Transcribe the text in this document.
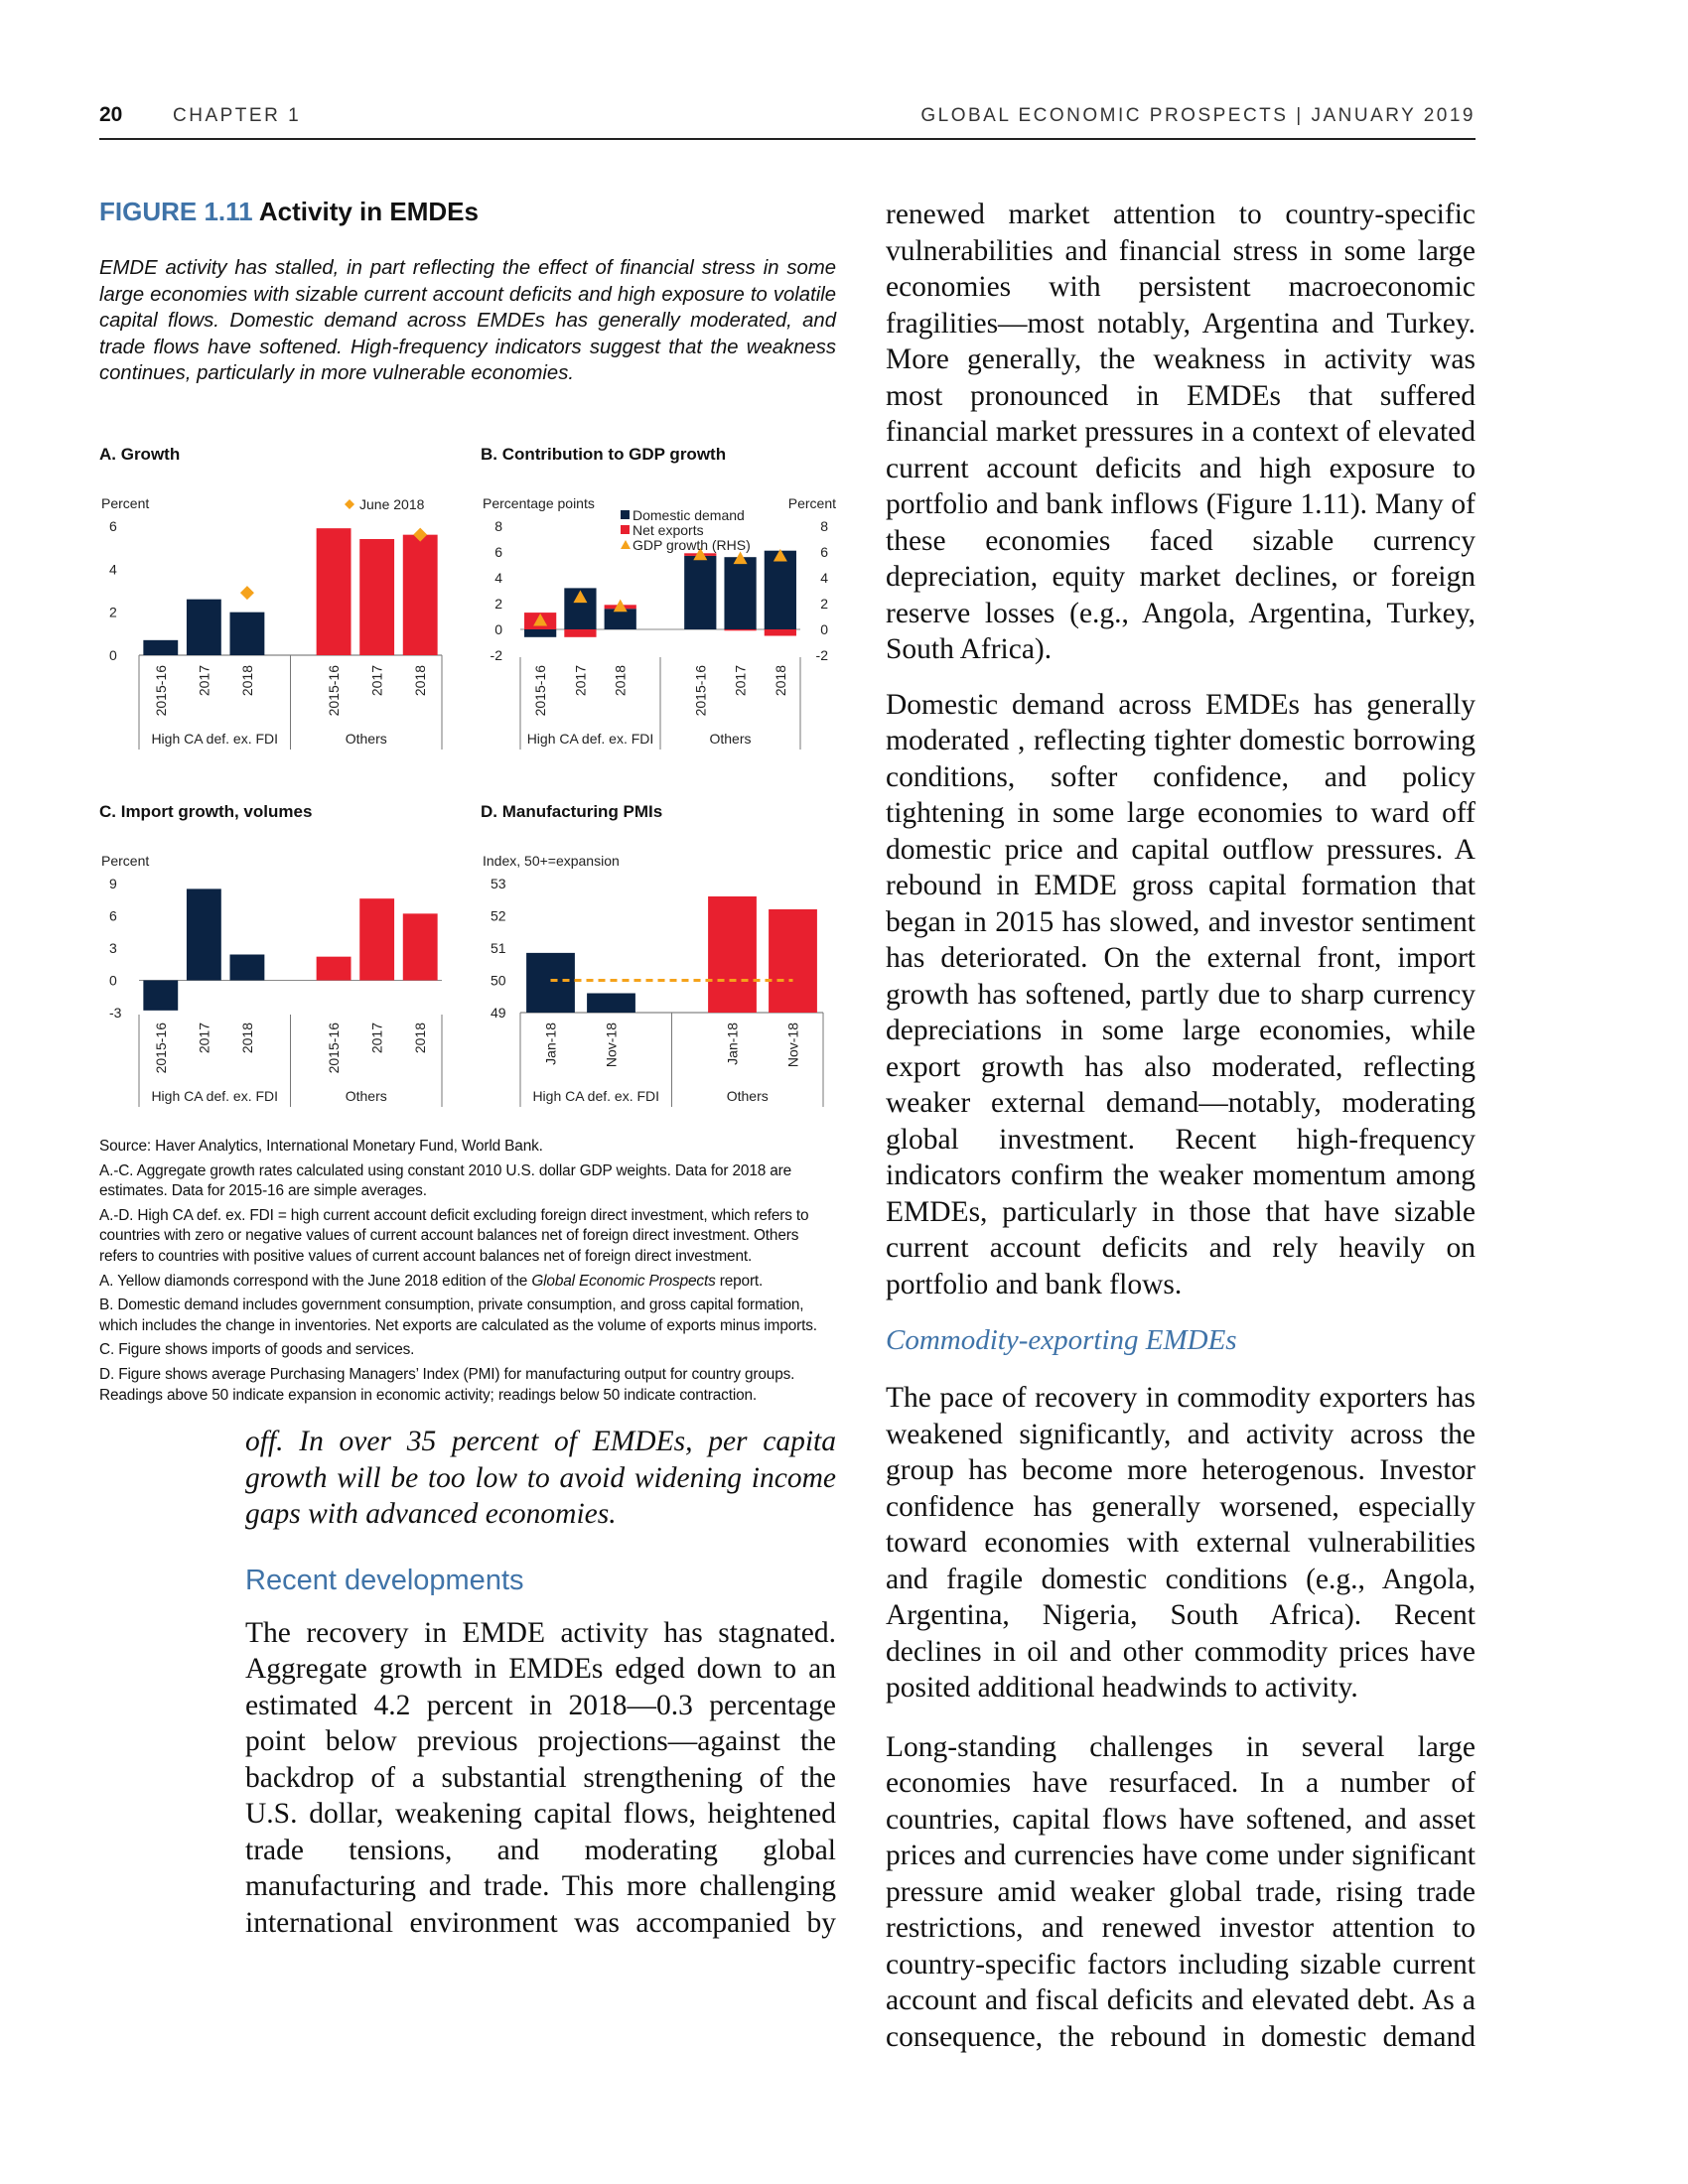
20	CHAPTER 1	GLOBAL ECONOMIC PROSPECTS | JANUARY 2019
FIGURE 1.11 Activity in EMDEs
EMDE activity has stalled, in part reflecting the effect of financial stress in some large economies with sizable current account deficits and high exposure to volatile capital flows. Domestic demand across EMDEs has generally moderated, and trade flows have softened. High-frequency indicators suggest that the weakness continues, particularly in more vulnerable economies.
A. Growth
Percent
0
2
4
6
High CA def. ex. FDI	Others
2015-16 2017 2018	2015-16 2017 2018
June 2018
B. Contribution to GDP growth
Percentage points	Percent
-2	-2
0	0
2	2
4	4
6	6
8	8
High CA def. ex. FDI	Others
2015-16 2017 2018	2015-16 2017 2018
Domestic demand
Net exports
GDP growth (RHS)
C. Import growth, volumes
Percent
-3
0
3
6
9
High CA def. ex. FDI	Others
2015-16 2017 2018	2015-16 2017 2018
D. Manufacturing PMIs
Index, 50+=expansion
49
50
51
52
53
High CA def. ex. FDI	Others
Jan-18	Nov-18	Jan-18	Nov-18

Source: Haver Analytics, International Monetary Fund, World Bank.

A.-C. Aggregate growth rates calculated using constant 2010 U.S. dollar GDP weights. Data for 2018 are estimates. Data for 2015-16 are simple averages.

A.-D. High CA def. ex. FDI = high current account deficit excluding foreign direct investment, which refers to countries with zero or negative values of current account balances net of foreign direct investment. Others refers to countries with positive values of current account balances net of foreign direct investment.

A. Yellow diamonds correspond with the June 2018 edition of the Global Economic Prospects report.

B. Domestic demand includes government consumption, private consumption, and gross capital formation, which includes the change in inventories. Net exports are calculated as the volume of exports minus imports.

C. Figure shows imports of goods and services.

D. Figure shows average Purchasing Managers’ Index (PMI) for manufacturing output for country groups. Readings above 50 indicate expansion in economic activity; readings below 50 indicate contraction.

off. In over 35 percent of EMDEs, per capita growth will be too low to avoid widening income gaps with advanced economies.
Recent developments
The recovery in EMDE activity has stagnated. Aggregate growth in EMDEs edged down to an estimated 4.2 percent in 2018—0.3 percentage point below previous projections—against the backdrop of a substantial strengthening of the U.S. dollar, weakening capital flows, heightened trade tensions, and moderating global manufacturing and trade. This more challenging international environment was accompanied by

renewed market attention to country-specific vulnerabilities and financial stress in some large economies with persistent macroeconomic fragilities—most notably, Argentina and Turkey. More generally, the weakness in activity was most pronounced in EMDEs that suffered financial market pressures in a context of elevated current account deficits and high exposure to portfolio and bank inflows (Figure 1.11). Many of these economies faced sizable currency depreciation, equity market declines, or foreign reserve losses (e.g., Angola, Argentina, Turkey, South Africa).

Domestic demand across EMDEs has generally moderated , reflecting tighter domestic borrowing conditions, softer confidence, and policy tightening in some large economies to ward off domestic price and capital outflow pressures. A rebound in EMDE gross capital formation that began in 2015 has slowed, and investor sentiment has deteriorated. On the external front, import growth has softened, partly due to sharp currency depreciations in some large economies, while export growth has also moderated, reflecting weaker external demand—notably, moderating global investment. Recent high-frequency indicators confirm the weaker momentum among EMDEs, particularly in those that have sizable current account deficits and rely heavily on portfolio and bank flows.

Commodity-exporting EMDEs

The pace of recovery in commodity exporters has weakened significantly, and activity across the group has become more heterogenous. Investor confidence has generally worsened, especially toward economies with external vulnerabilities and fragile domestic conditions (e.g., Angola, Argentina, Nigeria, South Africa). Recent declines in oil and other commodity prices have posited additional headwinds to activity.

Long-standing challenges in several large economies have resurfaced. In a number of countries, capital flows have softened, and asset prices and currencies have come under significant pressure amid weaker global trade, rising trade restrictions, and renewed investor attention to country-specific factors including sizable current account and fiscal deficits and elevated debt. As a consequence, the rebound in domestic demand
